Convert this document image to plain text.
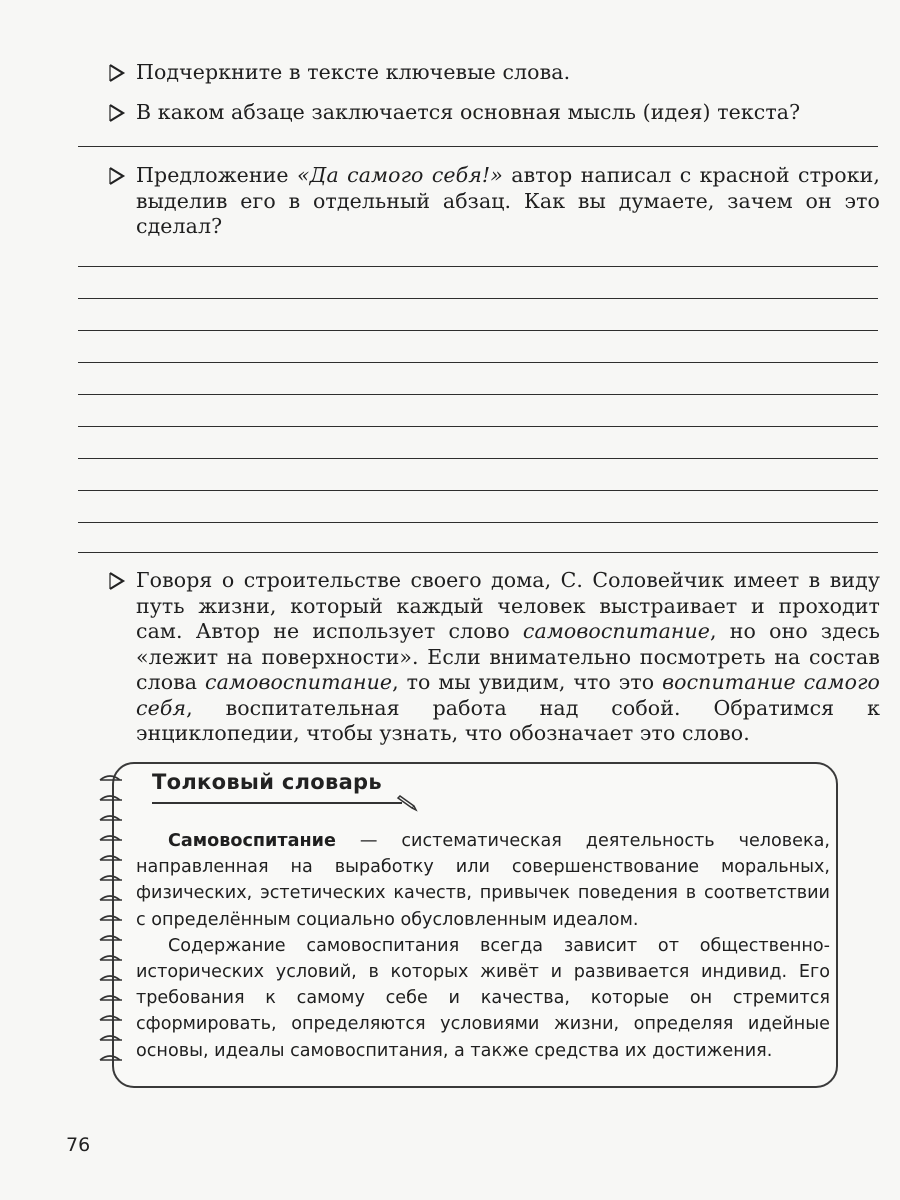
Подчеркните в тексте ключевые слова.
В каком абзаце заключается основная мысль (идея) текста?
Предложение «Да самого себя!» автор написал с красной строки, выделив его в отдельный абзац. Как вы думаете, зачем он это сделал?
Говоря о строительстве своего дома, С. Соловейчик имеет в виду путь жизни, который каждый человек выстраивает и проходит сам. Автор не использует слово самовоспитание, но оно здесь «лежит на поверхности». Если внимательно посмотреть на состав слова самовоспитание, то мы увидим, что это воспитание самого себя, воспитательная работа над собой. Обратимся к энциклопедии, чтобы узнать, что обозначает это слово.
Толковый словарь

Самовоспитание — систематическая деятельность человека, направленная на выработку или совершенствование моральных, физических, эстетических качеств, привычек поведения в соответствии с определённым социально обусловленным идеалом.

Содержание самовоспитания всегда зависит от общественно-исторических условий, в которых живёт и развивается индивид. Его требования к самому себе и качества, которые он стремится сформировать, определяются условиями жизни, определяя идейные основы, идеалы самовоспитания, а также средства их достижения.

76
